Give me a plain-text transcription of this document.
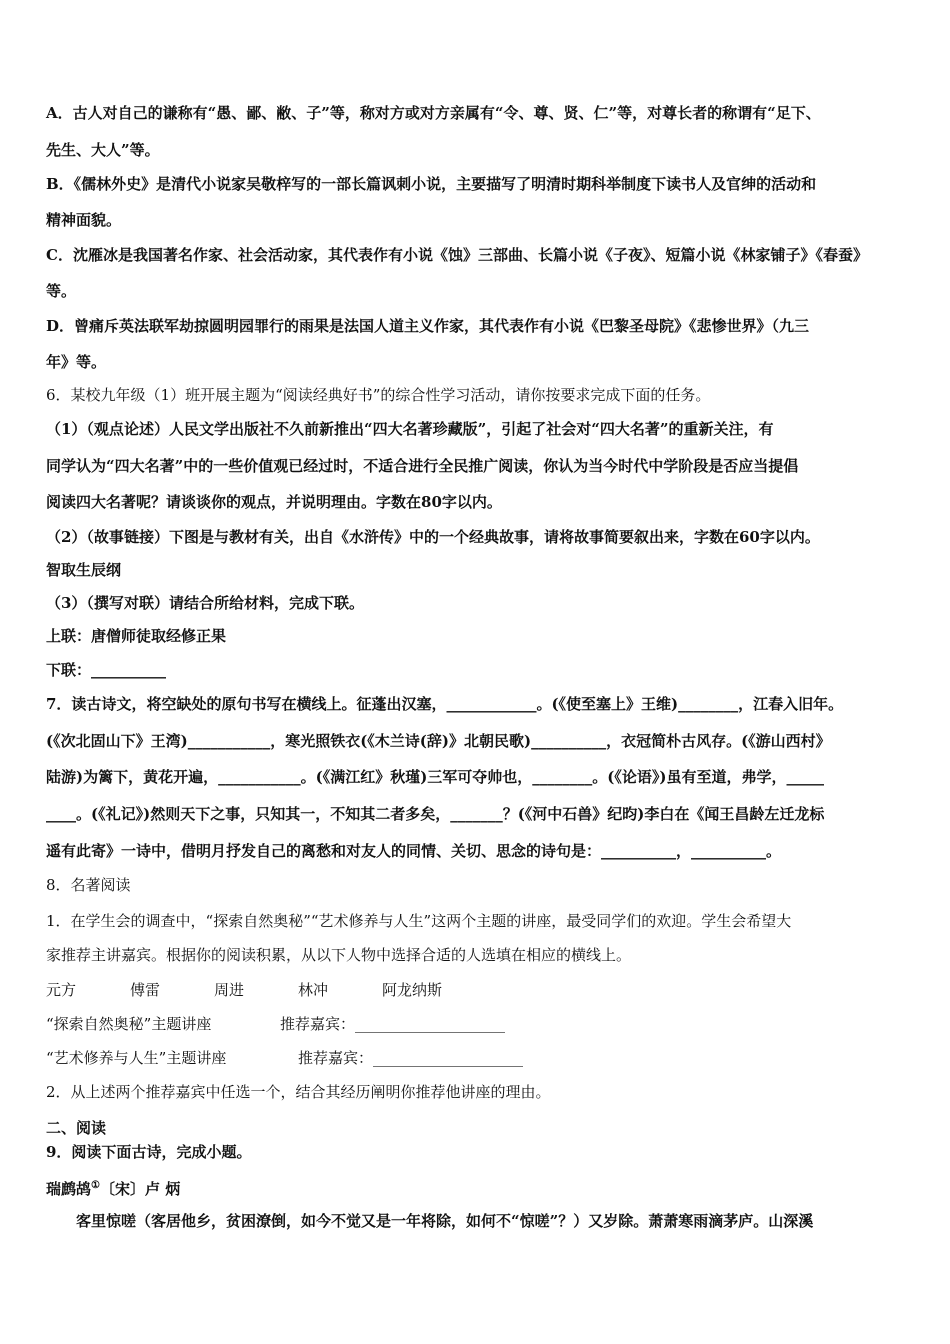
A．古人对自己的谦称有“愚、鄙、敝、子”等，称对方或对方亲属有“令、尊、贤、仁”等，对尊长者的称谓有“足下、
先生、大人”等。
B．《儒林外史》是清代小说家吴敬梓写的一部长篇讽刺小说，主要描写了明清时期科举制度下读书人及官绅的活动和
精神面貌。
C．沈雁冰是我国著名作家、社会活动家，其代表作有小说《蚀》三部曲、长篇小说《子夜》、短篇小说《林家铺子》《春蚕》
等。
D．曾痛斥英法联军劫掠圆明园罪行的雨果是法国人道主义作家，其代表作有小说《巴黎圣母院》《悲惨世界》（九三
年》等。
6．某校九年级（1）班开展主题为“阅读经典好书”的综合性学习活动，请你按要求完成下面的任务。
（1）（观点论述）人民文学出版社不久前新推出“四大名著珍藏版”，引起了社会对“四大名著”的重新关注，有
同学认为“四大名著”中的一些价值观已经过时，不适合进行全民推广阅读，你认为当今时代中学阶段是否应当提倡
阅读四大名著呢？请谈谈你的观点，并说明理由。字数在80字以内。
（2）（故事链接）下图是与教材有关，出自《水浒传》中的一个经典故事，请将故事简要叙出来，字数在60字以内。
智取生辰纲
（3）（撰写对联）请结合所给材料，完成下联。
上联：唐僧师徒取经修正果
下联：__________
7．读古诗文，将空缺处的原句书写在横线上。征蓬出汉塞，____________。(《使至塞上》王维)________，江春入旧年。
(《次北固山下》王湾)___________，寒光照铁衣(《木兰诗(辞)》北朝民歌)__________，衣冠简朴古风存。(《游山西村》
陆游)为篱下，黄花开遍，___________。(《满江红》秋瑾)三军可夺帅也，________。(《论语》)虽有至道，弗学，_____
____。(《礼记》)然则天下之事，只知其一，不知其二者多矣，_______？(《河中石兽》纪昀)李白在《闻王昌龄左迁龙标
遥有此寄》一诗中，借明月抒发自己的离愁和对友人的同情、关切、思念的诗句是：__________，__________。
8．名著阅读
1．在学生会的调查中，“探索自然奥秘”“艺术修养与人生”这两个主题的讲座，最受同学们的欢迎。学生会希望大
家推荐主讲嘉宾。根据你的阅读积累，从以下人物中选择合适的人选填在相应的横线上。
元方	傅雷	周进	林冲	阿龙纳斯
“探索自然奥秘”主题讲座	推荐嘉宾：____________________
“艺术修养与人生”主题讲座	推荐嘉宾：____________________
2．从上述两个推荐嘉宾中任选一个，结合其经历阐明你推荐他讲座的理由。
二、阅读
9．阅读下面古诗，完成小题。
瑞鹧鸪①〔宋〕卢 炳
客里惊嗟（客居他乡，贫困潦倒，如今不觉又是一年将除，如何不“惊嗟”？）又岁除。萧萧寒雨滴茅庐。山深溪
